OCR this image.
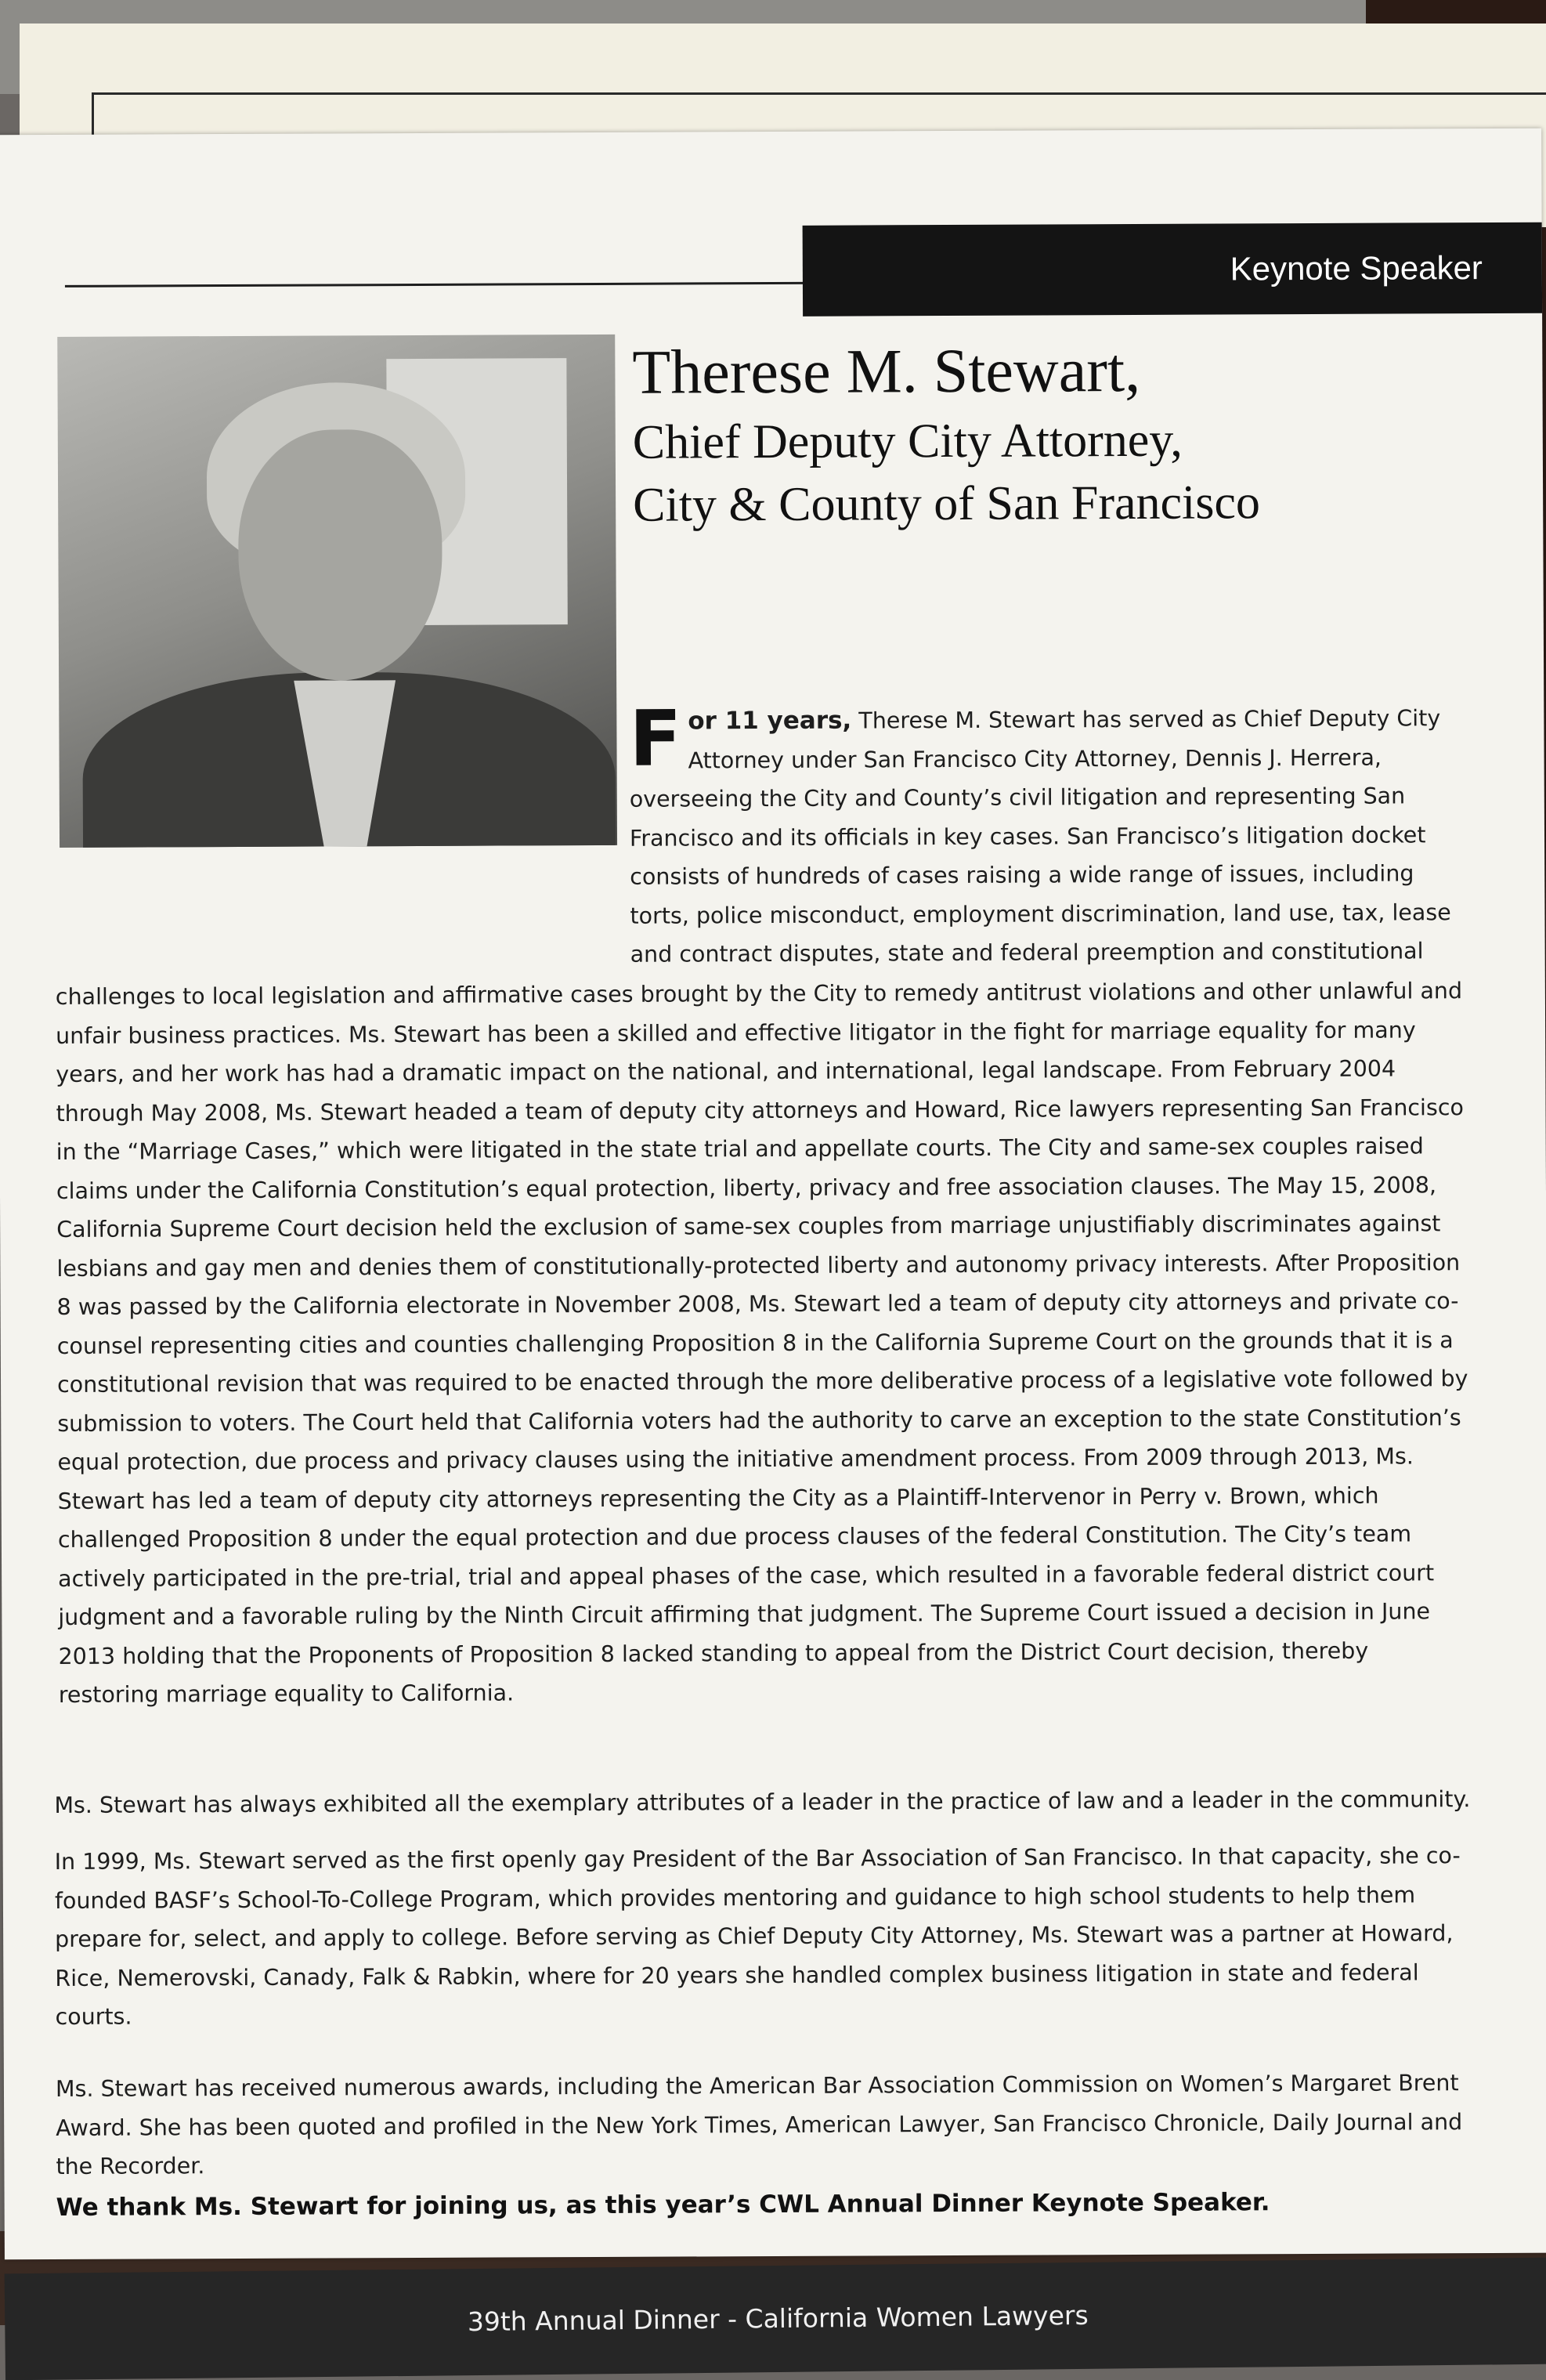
Keynote Speaker

Therese M. Stewart,

Chief Deputy City Attorney,

City & County of San Francisco

For 11 years, Therese M. Stewart has served as Chief Deputy City Attorney under San Francisco City Attorney, Dennis J. Herrera, overseeing the City and County’s civil litigation and representing San Francisco and its officials in key cases. San Francisco’s litigation docket consists of hundreds of cases raising a wide range of issues, including torts, police misconduct, employment discrimination, land use, tax, lease and contract disputes, state and federal preemption and constitutional
challenges to local legislation and affirmative cases brought by the City to remedy antitrust violations and other unlawful and unfair business practices. Ms. Stewart has been a skilled and effective litigator in the fight for marriage equality for many years, and her work has had a dramatic impact on the national, and international, legal landscape. From February 2004 through May 2008, Ms. Stewart headed a team of deputy city attorneys and Howard, Rice lawyers representing San Francisco in the “Marriage Cases,” which were litigated in the state trial and appellate courts. The City and same-sex couples raised claims under the California Constitution’s equal protection, liberty, privacy and free association clauses. The May 15, 2008, California Supreme Court decision held the exclusion of same-sex couples from marriage unjustifiably discriminates against lesbians and gay men and denies them of constitutionally-protected liberty and autonomy privacy interests. After Proposition 8 was passed by the California electorate in November 2008, Ms. Stewart led a team of deputy city attorneys and private co-counsel representing cities and counties challenging Proposition 8 in the California Supreme Court on the grounds that it is a constitutional revision that was required to be enacted through the more deliberative process of a legislative vote followed by submission to voters. The Court held that California voters had the authority to carve an exception to the state Constitution’s equal protection, due process and privacy clauses using the initiative amendment process. From 2009 through 2013, Ms. Stewart has led a team of deputy city attorneys representing the City as a Plaintiff-Intervenor in Perry v. Brown, which challenged Proposition 8 under the equal protection and due process clauses of the federal Constitution. The City’s team actively participated in the pre-trial, trial and appeal phases of the case, which resulted in a favorable federal district court judgment and a favorable ruling by the Ninth Circuit affirming that judgment. The Supreme Court issued a decision in June 2013 holding that the Proponents of Proposition 8 lacked standing to appeal from the District Court decision, thereby restoring marriage equality to California.
Ms. Stewart has always exhibited all the exemplary attributes of a leader in the practice of law and a leader in the community.
In 1999, Ms. Stewart served as the first openly gay President of the Bar Association of San Francisco. In that capacity, she co-founded BASF’s School-To-College Program, which provides mentoring and guidance to high school students to help them prepare for, select, and apply to college. Before serving as Chief Deputy City Attorney, Ms. Stewart was a partner at Howard, Rice, Nemerovski, Canady, Falk & Rabkin, where for 20 years she handled complex business litigation in state and federal courts.
Ms. Stewart has received numerous awards, including the American Bar Association Commission on Women’s Margaret Brent Award. She has been quoted and profiled in the New York Times, American Lawyer, San Francisco Chronicle, Daily Journal and the Recorder.
We thank Ms. Stewart for joining us, as this year’s CWL Annual Dinner Keynote Speaker.
39th Annual Dinner - California Women Lawyers
